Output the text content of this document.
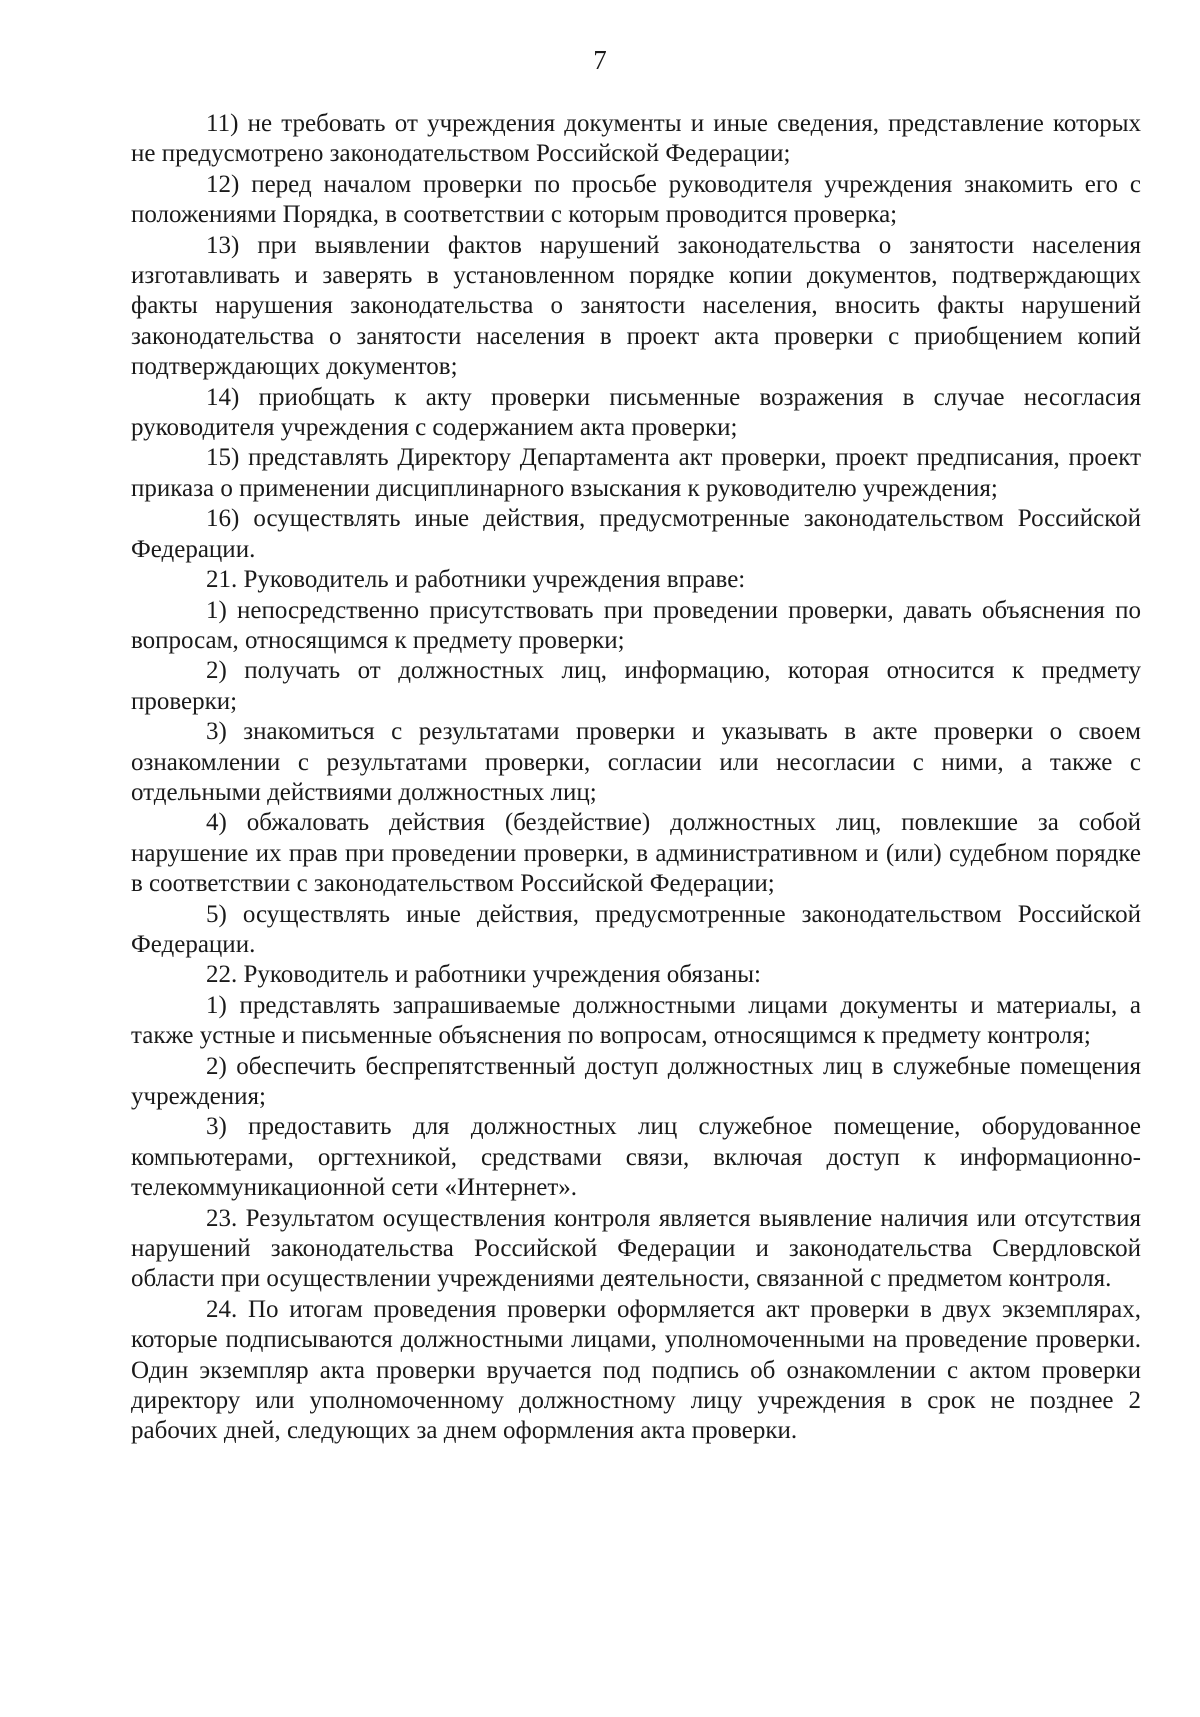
7

11) не требовать от учреждения документы и иные сведения, представление которых не предусмотрено законодательством Российской Федерации;

12) перед началом проверки по просьбе руководителя учреждения знакомить его с положениями Порядка, в соответствии с которым проводится проверка;

13) при выявлении фактов нарушений законодательства о занятости населения изготавливать и заверять в установленном порядке копии документов, подтверждающих факты нарушения законодательства о занятости населения, вносить факты нарушений законодательства о занятости населения в проект акта проверки с приобщением копий подтверждающих документов;

14) приобщать к акту проверки письменные возражения в случае несогласия руководителя учреждения с содержанием акта проверки;

15) представлять Директору Департамента акт проверки, проект предписания, проект приказа о применении дисциплинарного взыскания к руководителю учреждения;

16) осуществлять иные действия, предусмотренные законодательством Российской Федерации.

21. Руководитель и работники учреждения вправе:

1) непосредственно присутствовать при проведении проверки, давать объяснения по вопросам, относящимся к предмету проверки;

2) получать от должностных лиц, информацию, которая относится к предмету проверки;

3) знакомиться с результатами проверки и указывать в акте проверки о своем ознакомлении с результатами проверки, согласии или несогласии с ними, а также с отдельными действиями должностных лиц;

4) обжаловать действия (бездействие) должностных лиц, повлекшие за собой нарушение их прав при проведении проверки, в административном и (или) судебном порядке в соответствии с законодательством Российской Федерации;

5) осуществлять иные действия, предусмотренные законодательством Российской Федерации.

22. Руководитель и работники учреждения обязаны:

1) представлять запрашиваемые должностными лицами документы и материалы, а также устные и письменные объяснения по вопросам, относящимся к предмету контроля;

2) обеспечить беспрепятственный доступ должностных лиц в служебные помещения учреждения;

3) предоставить для должностных лиц служебное помещение, оборудованное компьютерами, оргтехникой, средствами связи, включая доступ к информационно-телекоммуникационной сети «Интернет».

23. Результатом осуществления контроля является выявление наличия или отсутствия нарушений законодательства Российской Федерации и законодательства Свердловской области при осуществлении учреждениями деятельности, связанной с предметом контроля.

24. По итогам проведения проверки оформляется акт проверки в двух экземплярах, которые подписываются должностными лицами, уполномоченными на проведение проверки. Один экземпляр акта проверки вручается под подпись об ознакомлении с актом проверки директору или уполномоченному должностному лицу учреждения в срок не позднее 2 рабочих дней, следующих за днем оформления акта проверки.
